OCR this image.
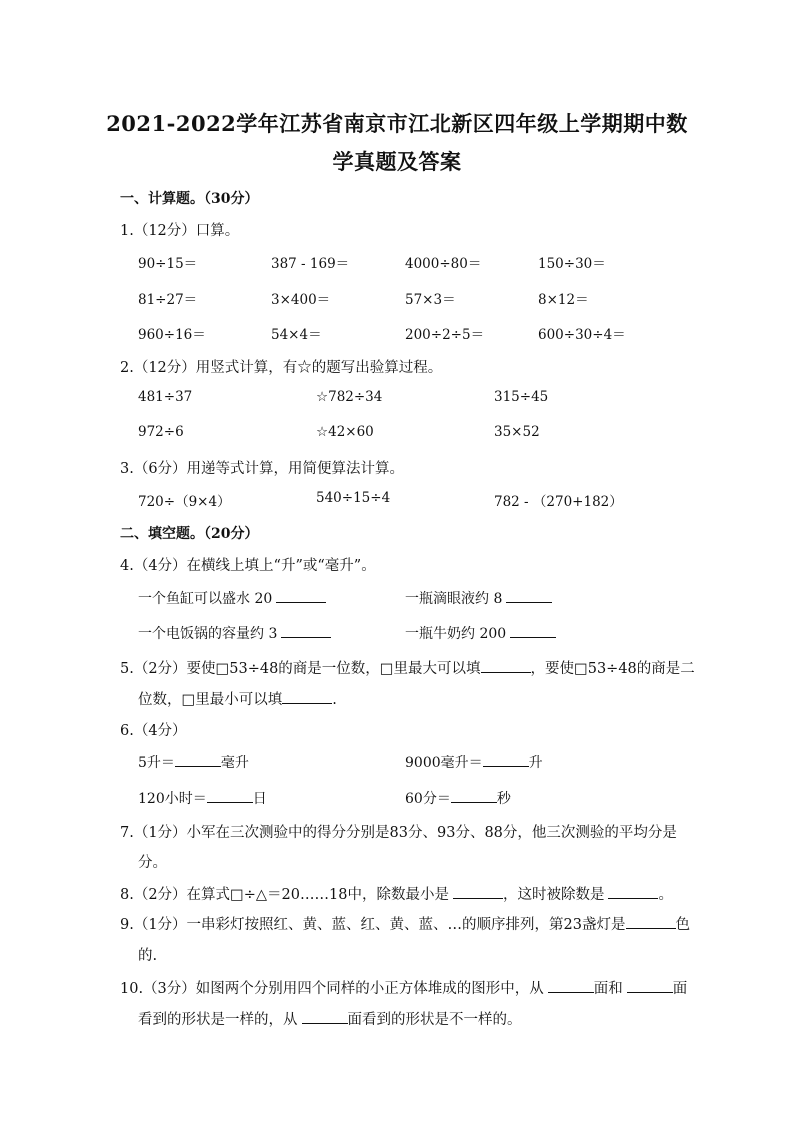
2021-2022学年江苏省南京市江北新区四年级上学期期中数
学真题及答案
一、计算题。（30分）
1.（12分）口算。
90÷15＝	387 - 169＝	4000÷80＝	150÷30＝
81÷27＝	3×400＝	57×3＝	8×12＝
960÷16＝	54×4＝	200÷2÷5＝	600÷30÷4＝
2.（12分）用竖式计算，有☆的题写出验算过程。
481÷37	☆782÷34	315÷45
972÷6	☆42×60	35×52
3.（6分）用递等式计算，用简便算法计算。
720÷（9×4）	540÷15÷4	782 - （270+182）
二、填空题。（20分）
4.（4分）在横线上填上“升”或“毫升”。
一个鱼缸可以盛水 20	一瓶滴眼液约 8
一个电饭锅的容量约 3	一瓶牛奶约 200
5.（2分）要使□53÷48的商是一位数，□里最大可以填	，要使□53÷48的商是二
位数，□里最小可以填	.
6.（4分）
5升＝	毫升	9000毫升＝	升
120小时＝	日	60分＝	秒
7.（1分）小军在三次测验中的得分分别是83分、93分、88分，他三次测验的平均分是
分。
8.（2分）在算式□÷△＝20……18中，除数最小是	，这时被除数是	。
9.（1分）一串彩灯按照红、黄、蓝、红、黄、蓝、…的顺序排列，第23盏灯是	色
的.
10.（3分）如图两个分别用四个同样的小正方体堆成的图形中，从	面和	面
看到的形状是一样的，从	面看到的形状是不一样的。
